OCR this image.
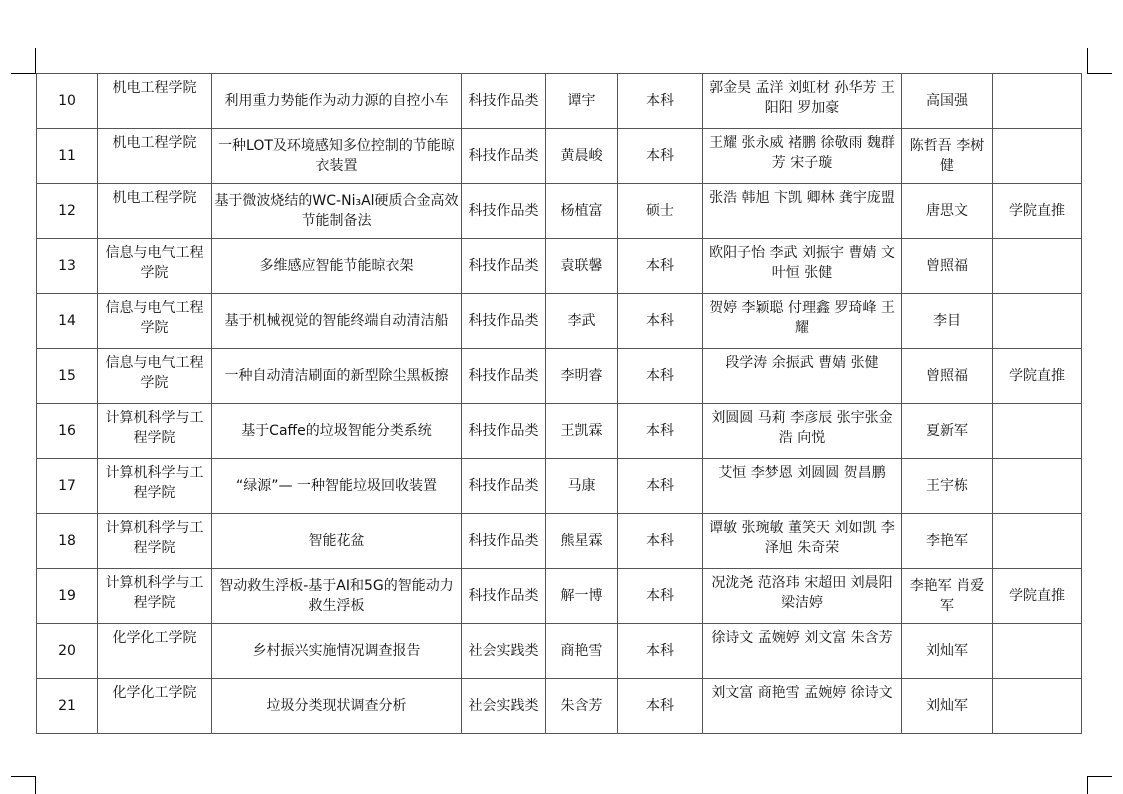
10	机电工程学院	利用重力势能作为动力源的自控小车	科技作品类	谭宇	本科	郭金昊 孟洋 刘虹材 孙华芳 王阳阳 罗加豪	高国强	
11	机电工程学院	一种LOT及环境感知多位控制的节能晾衣装置	科技作品类	黄晨峻	本科	王耀 张永威 褚鹏 徐敬雨 魏群芳 宋子璇	陈哲吾 李树健	
12	机电工程学院	基于微波烧结的WC-Ni₃Al硬质合金高效节能制备法	科技作品类	杨植富	硕士	张浩 韩旭 卞凯 卿林 龚宇庞盟	唐思文	学院直推
13	信息与电气工程学院	多维感应智能节能晾衣架	科技作品类	袁联馨	本科	欧阳子怡 李武 刘振宇 曹婧 文叶恒 张健	曾照福	
14	信息与电气工程学院	基于机械视觉的智能终端自动清洁船	科技作品类	李武	本科	贺婷 李颖聪 付理鑫 罗琦峰 王耀	李目	
15	信息与电气工程学院	一种自动清洁刷面的新型除尘黑板擦	科技作品类	李明睿	本科	段学涛 余振武 曹婧 张健	曾照福	学院直推
16	计算机科学与工程学院	基于Caffe的垃圾智能分类系统	科技作品类	王凯霖	本科	刘圆圆 马莉 李彦辰 张宇张金浩 向悦	夏新军	
17	计算机科学与工程学院	“绿源”— 一种智能垃圾回收装置	科技作品类	马康	本科	艾恒 李梦恩 刘圆圆 贺昌鹏	王宇栋	
18	计算机科学与工程学院	智能花盆	科技作品类	熊星霖	本科	谭敏 张琬敏 董笑天 刘如凯 李泽旭 朱奇荣	李艳军	
19	计算机科学与工程学院	智动救生浮板-基于AI和5G的智能动力救生浮板	科技作品类	解一博	本科	况泷尧 范洛玮 宋超田 刘晨阳 梁洁婷	李艳军 肖爱军	学院直推
20	化学化工学院	乡村振兴实施情况调查报告	社会实践类	商艳雪	本科	徐诗文 孟婉婷 刘文富 朱含芳	刘灿军	
21	化学化工学院	垃圾分类现状调查分析	社会实践类	朱含芳	本科	刘文富 商艳雪 孟婉婷 徐诗文	刘灿军	
